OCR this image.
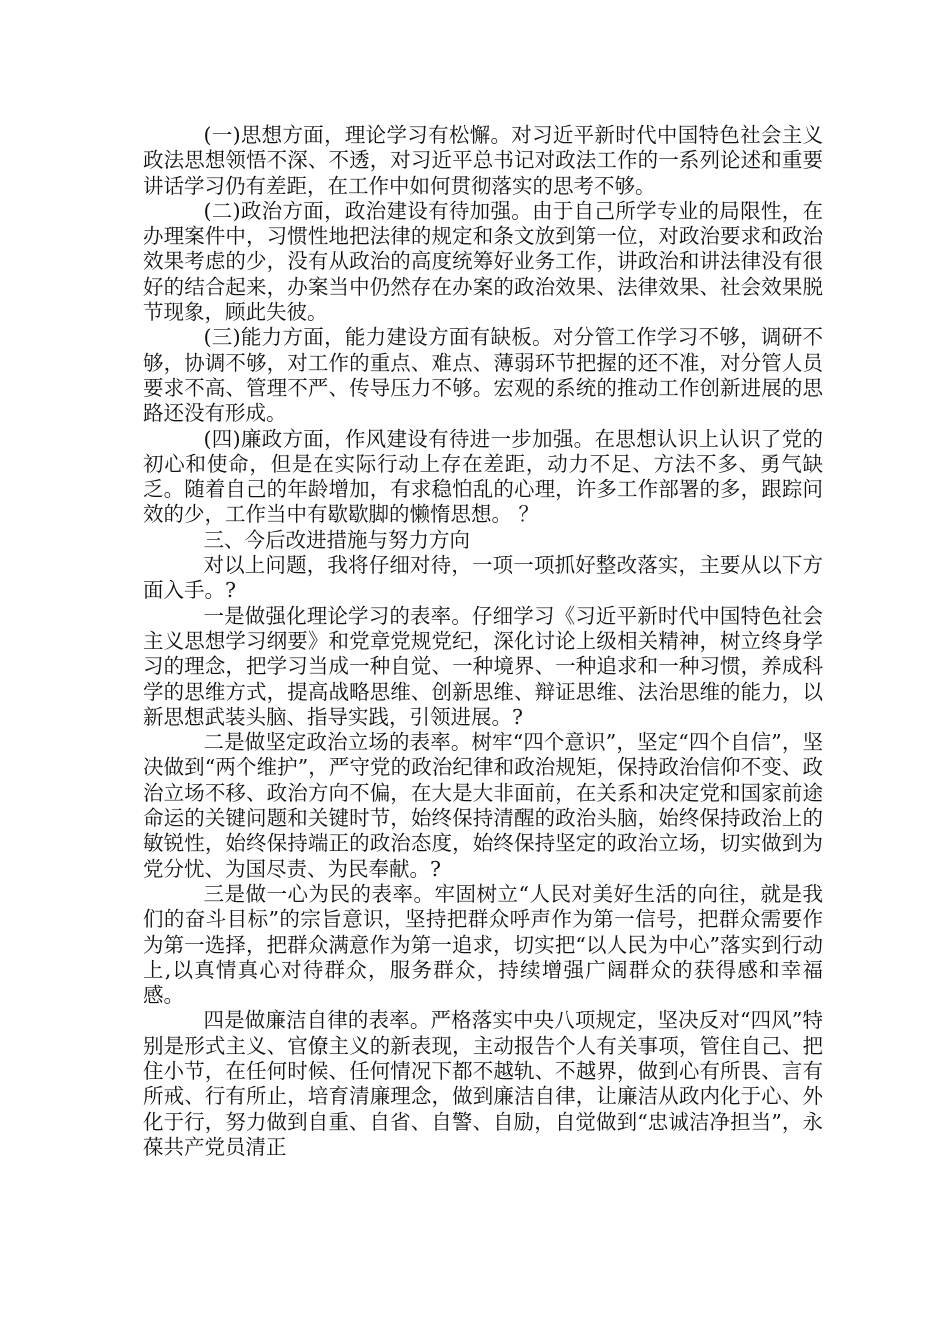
(一)思想方面，理论学习有松懈。对习近平新时代中国特色社会主义政法思想领悟不深、不透，对习近平总书记对政法工作的一系列论述和重要讲话学习仍有差距，在工作中如何贯彻落实的思考不够。

(二)政治方面，政治建设有待加强。由于自己所学专业的局限性，在办理案件中，习惯性地把法律的规定和条文放到第一位，对政治要求和政治效果考虑的少，没有从政治的高度统筹好业务工作，讲政治和讲法律没有很好的结合起来，办案当中仍然存在办案的政治效果、法律效果、社会效果脱节现象，顾此失彼。

(三)能力方面，能力建设方面有缺板。对分管工作学习不够，调研不够，协调不够，对工作的重点、难点、薄弱环节把握的还不准，对分管人员要求不高、管理不严、传导压力不够。宏观的系统的推动工作创新进展的思路还没有形成。

(四)廉政方面，作风建设有待进一步加强。在思想认识上认识了党的初心和使命，但是在实际行动上存在差距，动力不足、方法不多、勇气缺乏。随着自己的年龄增加，有求稳怕乱的心理，许多工作部署的多，跟踪问效的少，工作当中有歇歇脚的懒惰思想。 ？

三、今后改进措施与努力方向

对以上问题，我将仔细对待，一项一项抓好整改落实，主要从以下方面入手。?

一是做强化理论学习的表率。仔细学习《习近平新时代中国特色社会主义思想学习纲要》和党章党规党纪，深化讨论上级相关精神，树立终身学习的理念，把学习当成一种自觉、一种境界、一种追求和一种习惯，养成科学的思维方式，提高战略思维、创新思维、辩证思维、法治思维的能力，以新思想武装头脑、指导实践，引领进展。?

二是做坚定政治立场的表率。树牢“四个意识”，坚定“四个自信”，坚决做到“两个维护”，严守党的政治纪律和政治规矩，保持政治信仰不变、政治立场不移、政治方向不偏，在大是大非面前，在关系和决定党和国家前途命运的关键问题和关键时节，始终保持清醒的政治头脑，始终保持政治上的敏锐性，始终保持端正的政治态度，始终保持坚定的政治立场，切实做到为党分忧、为国尽责、为民奉献。?

三是做一心为民的表率。牢固树立“人民对美好生活的向往，就是我们的奋斗目标”的宗旨意识，坚持把群众呼声作为第一信号，把群众需要作为第一选择，把群众满意作为第一追求，切实把“以人民为中心”落实到行动上,以真情真心对待群众，服务群众，持续增强广阔群众的获得感和幸福感。

四是做廉洁自律的表率。严格落实中央八项规定，坚决反对“四风”特别是形式主义、官僚主义的新表现，主动报告个人有关事项，管住自己、把住小节，在任何时候、任何情况下都不越轨、不越界，做到心有所畏、言有所戒、行有所止，培育清廉理念，做到廉洁自律，让廉洁从政内化于心、外化于行，努力做到自重、自省、自警、自励，自觉做到“忠诚洁净担当”，永葆共产党员清正
